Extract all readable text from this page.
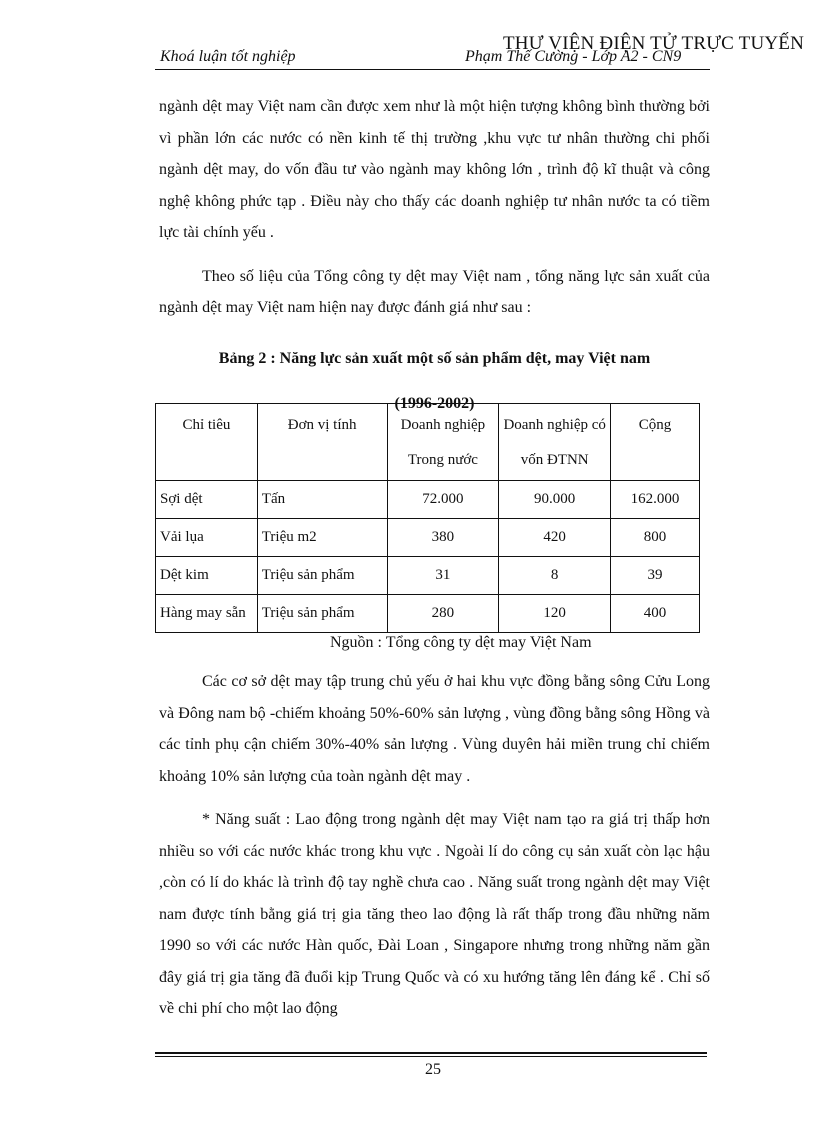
Khoá luận tốt nghiệp	Phạm Thế Cường - Lớp A2 - CN9
THƯ VIỆN ĐIỆN TỬ TRỰC TUYẾN

ngành dệt may Việt nam cần được xem như là một hiện tượng không bình thường bởi vì phần lớn các nước có nền kinh tế thị trường ,khu vực tư nhân thường chi phối ngành dệt may, do vốn đầu tư vào ngành may không lớn , trình độ kĩ thuật và công nghệ không phức tạp . Điều này cho thấy các doanh nghiệp tư nhân nước ta có tiềm lực tài chính yếu .

Theo số liệu của Tổng công ty dệt may Việt nam , tổng năng lực sản xuất của ngành dệt may Việt nam hiện nay được đánh giá như sau :

Bảng 2 : Năng lực sản xuất một số sản phẩm dệt, may Việt nam

(1996-2002)

Chỉ tiêu	Đơn vị tính	Doanh nghiệp Trong nước	Doanh nghiệp có vốn ĐTNN	Cộng
Sợi dệt	Tấn	72.000	90.000	162.000
Vải lụa	Triệu m2	380	420	800
Dệt kim	Triệu sản phẩm	31	8	39
Hàng may sẵn	Triệu sản phẩm	280	120	400
Nguồn : Tổng công ty dệt may Việt Nam

Các cơ sở dệt may tập trung chủ yếu ở hai khu vực đồng bằng sông Cửu Long và Đông nam bộ -chiếm khoảng 50%-60% sản lượng , vùng đồng bằng sông Hồng và các tỉnh phụ cận chiếm 30%-40% sản lượng . Vùng duyên hải miền trung chỉ chiếm khoảng 10% sản lượng của toàn ngành dệt may .

* Năng suất : Lao động trong ngành dệt may Việt nam tạo ra giá trị thấp hơn nhiều so với các nước khác trong khu vực . Ngoài lí do công cụ sản xuất còn lạc hậu ,còn có lí do khác là trình độ tay nghề chưa cao . Năng suất trong ngành dệt may Việt nam được tính bằng giá trị gia tăng theo lao động là rất thấp trong đầu những năm 1990 so với các nước Hàn quốc, Đài Loan , Singapore nhưng trong những năm gần đây giá trị gia tăng đã đuổi kịp Trung Quốc và có xu hướng tăng lên đáng kể . Chỉ số về chi phí cho một lao động

25
